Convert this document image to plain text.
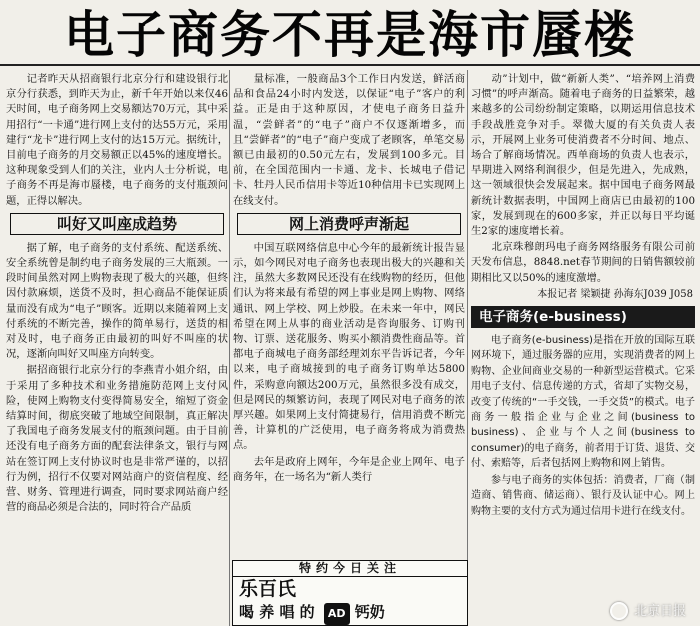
电子商务不再是海市蜃楼

记者昨天从招商银行北京分行和建设银行北京分行获悉，到昨天为止，新千年开始以来仅46天时间，电子商务网上交易额达70万元，其中采用招行“一卡通”进行网上支付的达55万元，采用建行“龙卡”进行网上支付的达15万元。据统计，目前电子商务的月交易额正以45%的速度增长。这种现象受到人们的关注，业内人士分析说，电子商务不再是海市蜃楼，电子商务的支付瓶颈问题，正得以解决。

叫好又叫座成趋势

据了解，电子商务的支付系统、配送系统、安全系统曾是制约电子商务发展的三大瓶颈。一段时间虽然对网上购物表现了极大的兴趣，但终因付款麻烦，送货不及时，担心商品不能保证质量而没有成为“电子”顾客。近期以来随着网上支付系统的不断完善，操作的简单易行，送货的相对及时，电子商务正由最初的叫好不叫座的状况，逐渐向叫好又叫座方向转变。

据招商银行北京分行的李燕青小姐介绍，由于采用了多种技术和业务措施防范网上支付风险，使网上购物支付变得简易安全，缩短了资金结算时间，彻底突破了地域空间限制，真正解决了我国电子商务发展支付的瓶颈问题。由于目前还没有电子商务方面的配套法律条文，银行与网站在签订网上支付协议时也是非常严谨的，以招行为例，招行不仅要对网站商户的资信程度、经营、财务、管理进行调查，同时要求网站商户经营的商品必须是合法的，同时符合产品质

量标准，一般商品3个工作日内发送，鲜活商品和食品24小时内发送，以保证“电子”客户的利益。正是由于这种原因，才使电子商务日益升温，“尝鲜者”的“电子”商户不仅逐渐增多，而且“尝鲜者”的“电子”商户变成了老顾客，单笔交易额已由最初的0.50元左右，发展到100多元。目前，在全国范围内一卡通、龙卡、长城电子借记卡、牡丹人民币信用卡等近10种信用卡已实现网上在线支付。

网上消费呼声渐起

中国互联网络信息中心今年的最新统计报告显示，如今网民对电子商务也表现出极大的兴趣和关注，虽然大多数网民还没有在线购物的经历，但他们认为将来最有希望的网上事业是网上购物、网络通讯、网上学校、网上炒股。在未来一年中，网民希望在网上从事的商业活动是咨询服务、订购刊物、订票、送花服务、购买小额消费性商品等。首都电子商城电子商务部经理刘东平告诉记者，今年以来，电子商城接到的电子商务订购单达5800件，采购意向额达200万元，虽然很多没有成交，但是网民的频繁访问，表现了网民对电子商务的浓厚兴趣。如果网上支付简捷易行，信用消费不断完善，计算机的广泛使用，电子商务将成为消费热点。

去年是政府上网年，今年是企业上网年、电子商务年，在一场名为“新人类行

动”计划中，做“新新人类”、“培养网上消费习惯”的呼声渐高。随着电子商务的日益繁荣，越来越多的公司纷纷制定策略，以期运用信息技术手段战胜竞争对手。翠微大厦的有关负责人表示，开展网上业务可使消费者不分时间、地点、场合了解商场情况。西单商场的负责人也表示，早期进入网络利润很少，但是先进入，先成熟，这一领域很快会发展起来。据中国电子商务网最新统计数据表明，中国网上商店已由最初的100家，发展到现在的600多家，并正以每日平均诞生2家的速度增长着。

北京珠穆朗玛电子商务网络服务有限公司前天发布信息，8848.net春节期间的日销售额较前期相比又以50%的速度激增。

本报记者 梁颖捷 孙海东J039 J058
电子商务(e-business)

电子商务(e-business)是指在开放的国际互联网环境下，通过服务器的应用，实现消费者的网上购物、企业间商业交易的一种新型运营模式。它采用电子支付、信息传递的方式，省却了实物交易，改变了传统的“一手交钱，一手交货”的模式。电子商务一般指企业与企业之间(business to business)、企业与个人之间(business to consumer)的电子商务，前者用于订货、退货、交付、索赔等，后者包括网上购物和网上销售。

参与电子商务的实体包括：消费者，厂商（制造商、销售商、储运商）、银行及认证中心。网上购物主要的支付方式为通过信用卡进行在线支付。

特约今日关注
乐百氏
喝 养 唱 的 AD 钙奶	北京日报
